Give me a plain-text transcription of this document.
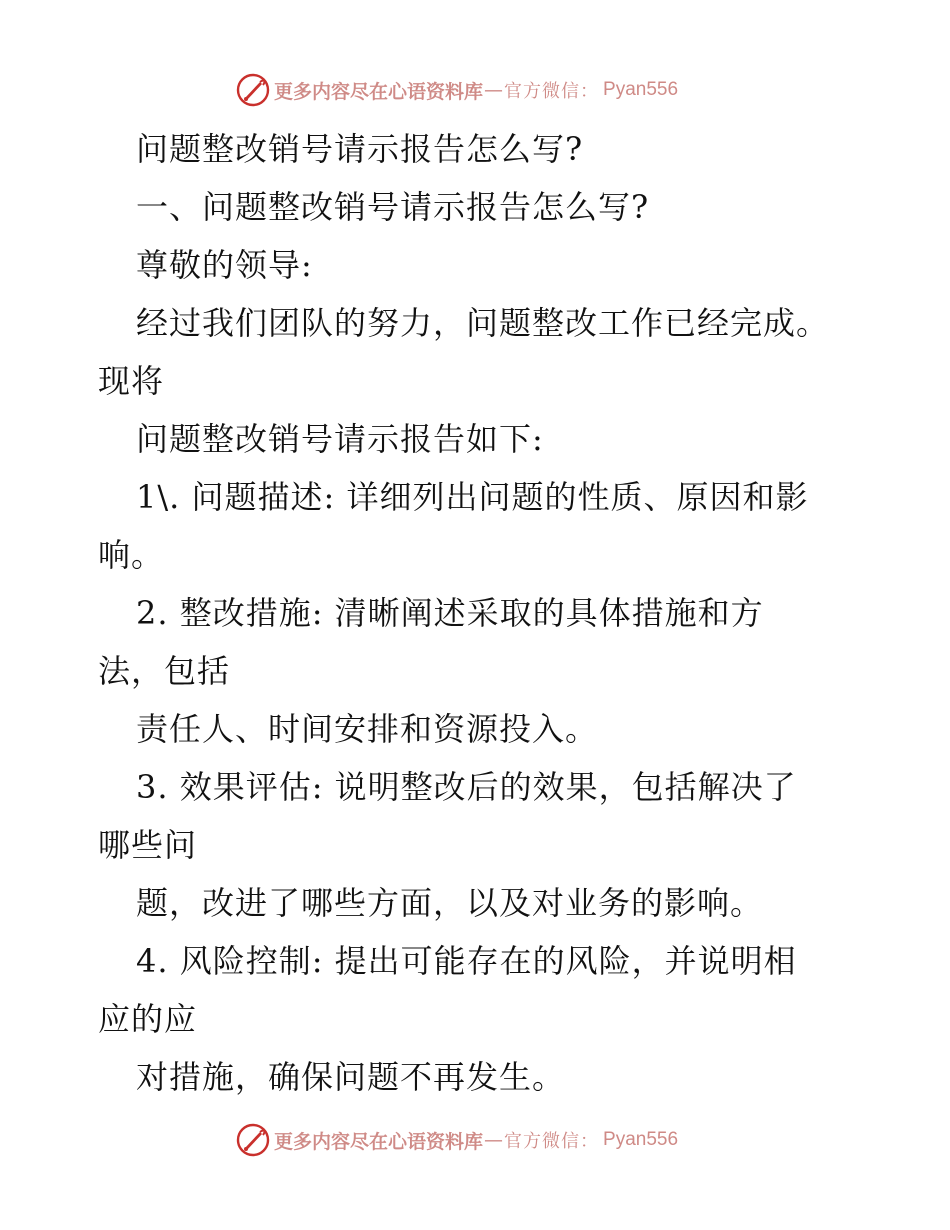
更多内容尽在心语资料库 — 官方微信： Pyan556
问题整改销号请示报告怎么写?
一、问题整改销号请示报告怎么写?
尊敬的领导:
经过我们团队的努力，问题整改工作已经完成。
现将
问题整改销号请示报告如下:
1\. 问题描述: 详细列出问题的性质、原因和影
响。
2. 整改措施: 清晰阐述采取的具体措施和方
法，包括
责任人、时间安排和资源投入。
3. 效果评估: 说明整改后的效果，包括解决了
哪些问
题，改进了哪些方面，以及对业务的影响。
4. 风险控制: 提出可能存在的风险，并说明相
应的应
对措施，确保问题不再发生。
更多内容尽在心语资料库 — 官方微信： Pyan556
